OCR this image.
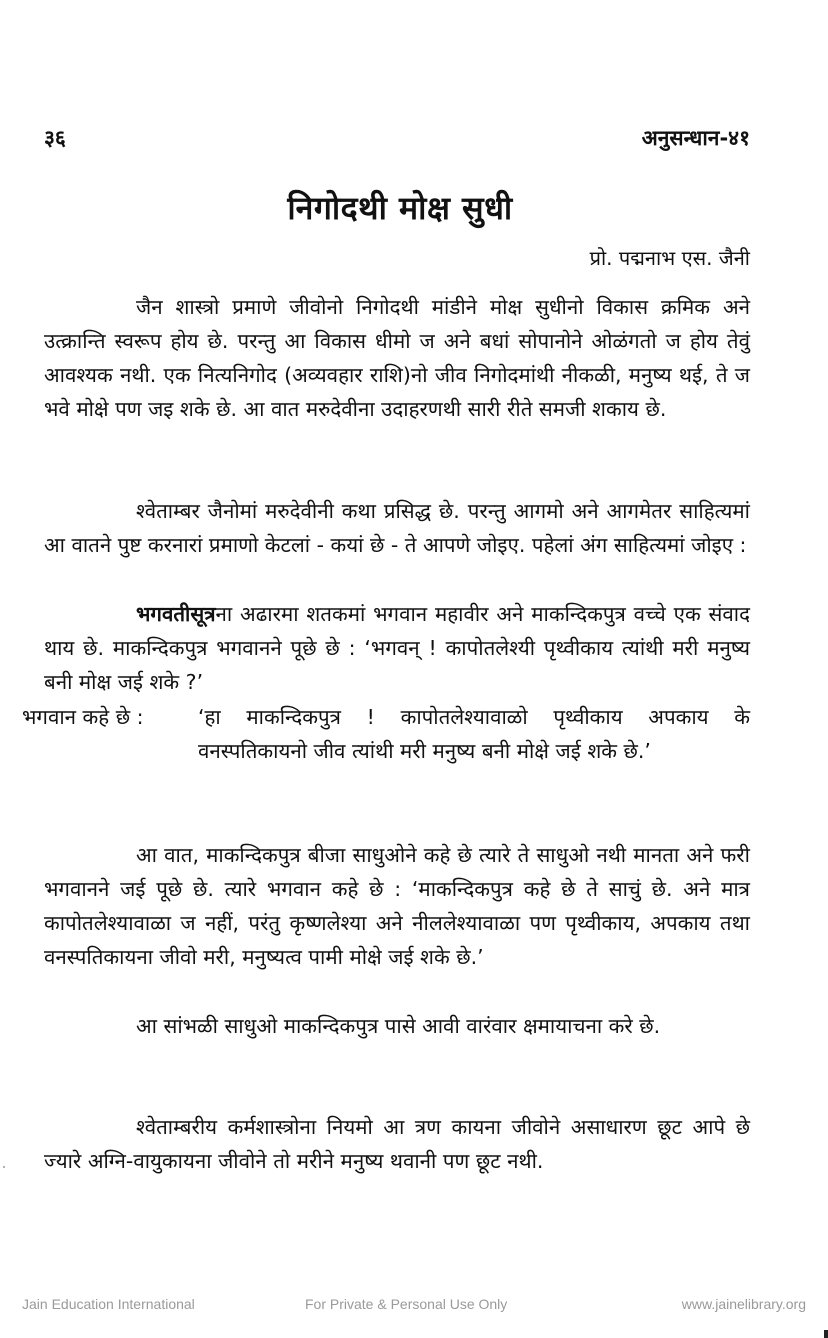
३६	अनुसन्धान-४१
निगोदथी मोक्ष सुधी
प्रो. पद्मनाभ एस. जैनी

जैन शास्त्रो प्रमाणे जीवोनो निगोदथी मांडीने मोक्ष सुधीनो विकास क्रमिक अने उत्क्रान्ति स्वरूप होय छे. परन्तु आ विकास धीमो ज अने बधां सोपानोने ओळंगतो ज होय तेवुं आवश्यक नथी. एक नित्यनिगोद (अव्यवहार राशि)नो जीव निगोदमांथी नीकळी, मनुष्य थई, ते ज भवे मोक्षे पण जइ शके छे. आ वात मरुदेवीना उदाहरणथी सारी रीते समजी शकाय छे.

श्वेताम्बर जैनोमां मरुदेवीनी कथा प्रसिद्ध छे. परन्तु आगमो अने आगमेतर साहित्यमां आ वातने पुष्ट करनारां प्रमाणो केटलां - कयां छे - ते आपणे जोइए. पहेलां अंग साहित्यमां जोइए :

भगवतीसूत्रना अढारमा शतकमां भगवान महावीर अने माकन्दिकपुत्र वच्चे एक संवाद थाय छे. माकन्दिकपुत्र भगवानने पूछे छे : ‘भगवन् ! कापोतलेश्यी पृथ्वीकाय त्यांथी मरी मनुष्य बनी मोक्ष जई शके ?’

भगवान कहे छे :	‘हा माकन्दिकपुत्र ! कापोतलेश्यावाळो पृथ्वीकाय अपकाय के वनस्पतिकायनो जीव त्यांथी मरी मनुष्य बनी मोक्षे जई शके छे.’

आ वात, माकन्दिकपुत्र बीजा साधुओने कहे छे त्यारे ते साधुओ नथी मानता अने फरी भगवानने जई पूछे छे. त्यारे भगवान कहे छे : ‘माकन्दिकपुत्र कहे छे ते साचुं छे. अने मात्र कापोतलेश्यावाळा ज नहीं, परंतु कृष्णलेश्या अने नीललेश्यावाळा पण पृथ्वीकाय, अपकाय तथा वनस्पतिकायना जीवो मरी, मनुष्यत्व पामी मोक्षे जई शके छे.’

आ सांभळी साधुओ माकन्दिकपुत्र पासे आवी वारंवार क्षमायाचना करे छे.

श्वेताम्बरीय कर्मशास्त्रोना नियमो आ त्रण कायना जीवोने असाधारण छूट आपे छे ज्यारे अग्नि-वायुकायना जीवोने तो मरीने मनुष्य थवानी पण छूट नथी.

Jain Education International	For Private & Personal Use Only	www.jainelibrary.org
